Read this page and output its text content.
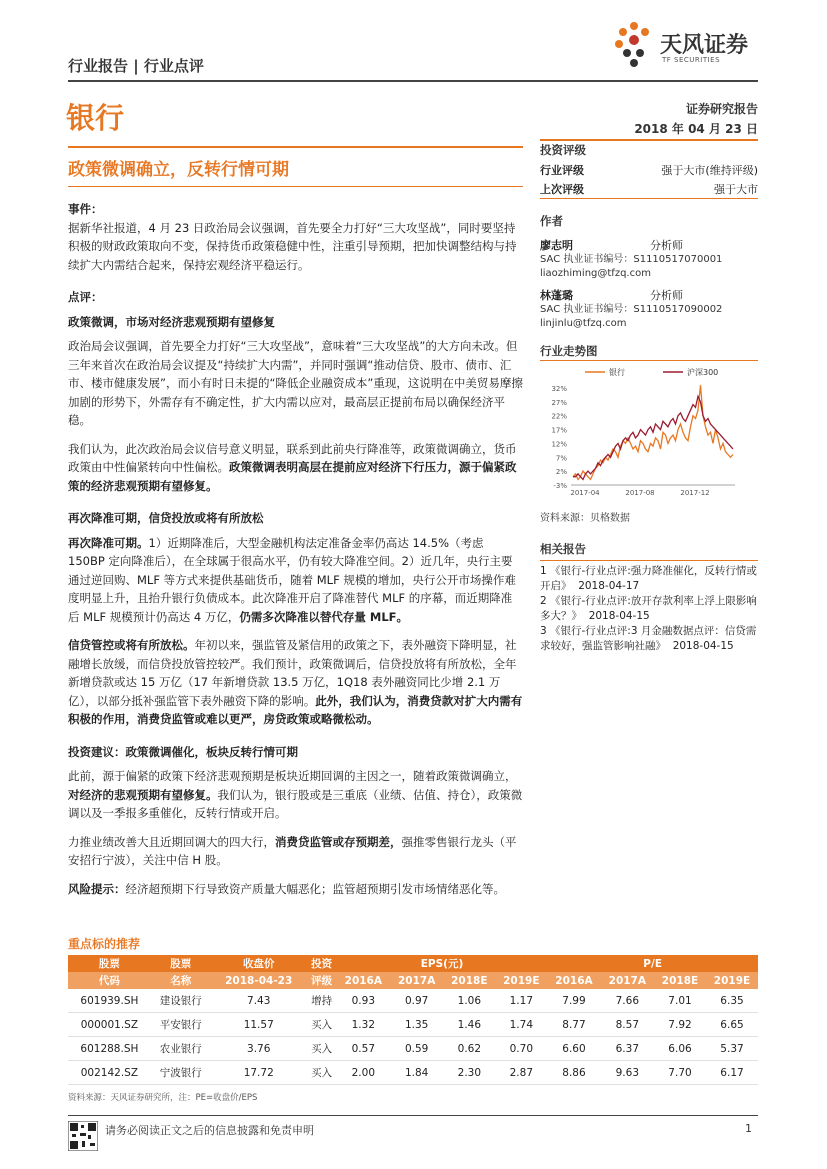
行业报告 | 行业点评
天风证券
TF SECURITIES
银行	证券研究报告
2018 年 04 月 23 日
政策微调确立，反转行情可期
事件：

据新华社报道，4 月 23 日政治局会议强调，首先要全力打好“三大攻坚战”，同时要坚持积极的财政政策取向不变，保持货币政策稳健中性，注重引导预期，把加快调整结构与持续扩大内需结合起来，保持宏观经济平稳运行。

点评：
政策微调，市场对经济悲观预期有望修复

政治局会议强调，首先要全力打好“三大攻坚战”，意味着“三大攻坚战”的大方向未改。但三年来首次在政治局会议提及“持续扩大内需”，并同时强调“推动信贷、股市、债市、汇市、楼市健康发展”，而小有时日未提的“降低企业融资成本”重现，这说明在中美贸易摩擦加剧的形势下，外需存有不确定性，扩大内需以应对，最高层正提前布局以确保经济平稳。

我们认为，此次政治局会议信号意义明显，联系到此前央行降准等，政策微调确立，货币政策由中性偏紧转向中性偏松。政策微调表明高层在提前应对经济下行压力，源于偏紧政策的经济悲观预期有望修复。

再次降准可期，信贷投放或将有所放松

再次降准可期。1）近期降准后，大型金融机构法定准备金率仍高达 14.5%（考虑 150BP 定向降准后），在全球属于很高水平，仍有较大降准空间。2）近几年，央行主要通过逆回购、MLF 等方式来提供基础货币，随着 MLF 规模的增加，央行公开市场操作难度明显上升，且抬升银行负债成本。此次降准开启了降准替代 MLF 的序幕，而近期降准后 MLF 规模预计仍高达 4 万亿，仍需多次降准以替代存量 MLF。

信贷管控或将有所放松。年初以来，强监管及紧信用的政策之下，表外融资下降明显，社融增长放缓，而信贷投放管控较严。我们预计，政策微调后，信贷投放将有所放松，全年新增贷款或达 15 万亿（17 年新增贷款 13.5 万亿，1Q18 表外融资同比少增 2.1 万亿），以部分抵补强监管下表外融资下降的影响。此外，我们认为，消费贷款对扩大内需有积极的作用，消费贷监管或难以更严，房贷政策或略微松动。

投资建议：政策微调催化，板块反转行情可期

此前，源于偏紧的政策下经济悲观预期是板块近期回调的主因之一，随着政策微调确立，对经济的悲观预期有望修复。我们认为，银行股或是三重底（业绩、估值、持仓），政策微调以及一季报多重催化，反转行情或开启。

力推业绩改善大且近期回调大的四大行，消费贷监管或存预期差，强推零售银行龙头（平安招行宁波），关注中信 H 股。

风险提示：经济超预期下行导致资产质量大幅恶化；监管超预期引发市场情绪恶化等。

投资评级
行业评级	强于大市(维持评级)
上次评级	强于大市
作者
廖志明	分析师
SAC 执业证书编号：S1110517070001
liaozhiming@tfzq.com
林蓬璐	分析师
SAC 执业证书编号：S1110517090002
linjinlu@tfzq.com
行业走势图
32%
27%
22%
17%
12%
7%
2%
-3%
2017-04	2017-08	2017-12
银行	沪深300
资料来源：贝格数据
相关报告
1 《银行-行业点评:强力降准催化，反转行情或开启》 2018-04-17
2 《银行-行业点评:放开存款利率上浮上限影响多大？》 2018-04-15
3 《银行-行业点评:3 月金融数据点评：信贷需求较好，强监管影响社融》 2018-04-15
重点标的推荐
股票	股票	收盘价	投资	EPS(元)				P/E			
代码	名称	2018-04-23	评级	2016A	2017A	2018E	2019E	2016A	2017A	2018E	2019E
601939.SH	建设银行	7.43	增持	0.93	0.97	1.06	1.17	7.99	7.66	7.01	6.35
000001.SZ	平安银行	11.57	买入	1.32	1.35	1.46	1.74	8.77	8.57	7.92	6.65
601288.SH	农业银行	3.76	买入	0.57	0.59	0.62	0.70	6.60	6.37	6.06	5.37
002142.SZ	宁波银行	17.72	买入	2.00	1.84	2.30	2.87	8.86	9.63	7.70	6.17
资料来源：天风证券研究所，注：PE=收盘价/EPS
请务必阅读正文之后的信息披露和免责申明	1
